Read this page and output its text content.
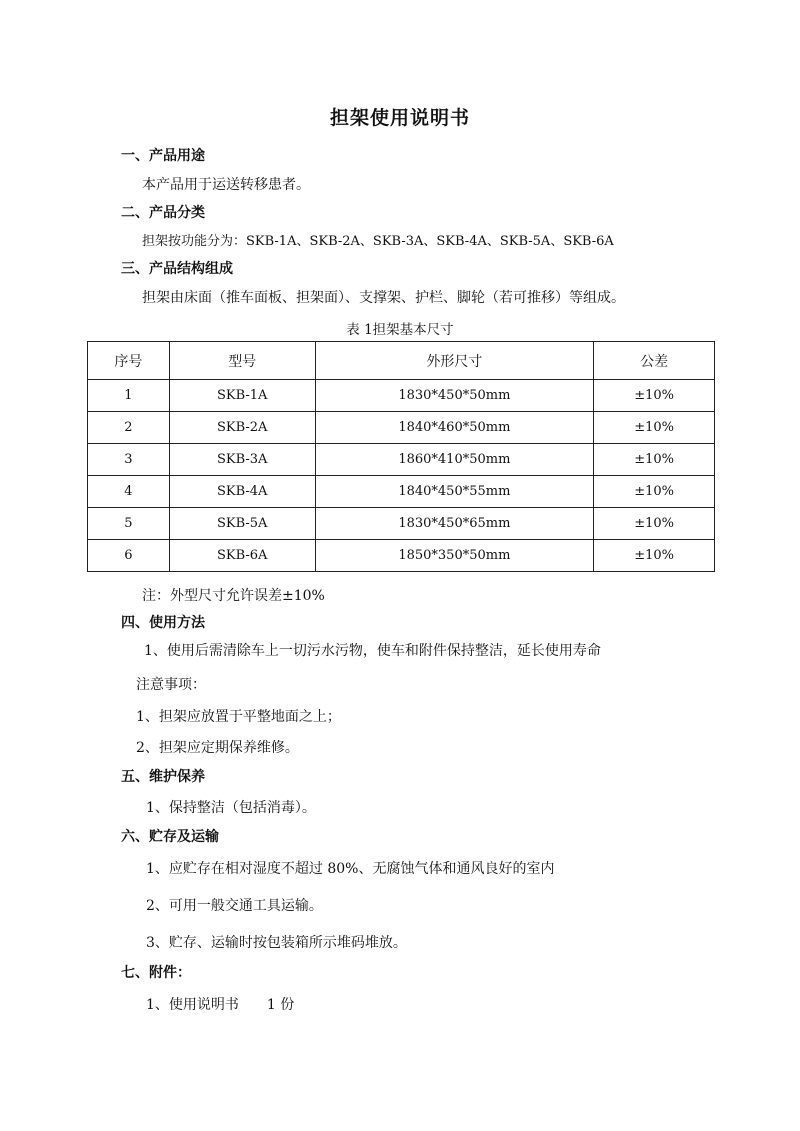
担架使用说明书
一、产品用途
本产品用于运送转移患者。
二、产品分类
担架按功能分为：SKB-1A、SKB-2A、SKB-3A、SKB-4A、SKB-5A、SKB-6A
三、产品结构组成
担架由床面（推车面板、担架面）、支撑架、护栏、脚轮（若可推移）等组成。
表 1担架基本尺寸
序号	型号	外形尺寸	公差
1	SKB-1A	1830*450*50mm	±10%
2	SKB-2A	1840*460*50mm	±10%
3	SKB-3A	1860*410*50mm	±10%
4	SKB-4A	1840*450*55mm	±10%
5	SKB-5A	1830*450*65mm	±10%
6	SKB-6A	1850*350*50mm	±10%
注：外型尺寸允许误差±10%
四、使用方法
1、使用后需清除车上一切污水污物，使车和附件保持整洁，延长使用寿命
注意事项：
1、担架应放置于平整地面之上；
2、担架应定期保养维修。
五、维护保养
1、保持整洁（包括消毒）。
六、贮存及运输
1、应贮存在相对湿度不超过 80%、无腐蚀气体和通风良好的室内
2、可用一般交通工具运输。
3、贮存、运输时按包装箱所示堆码堆放。
七、附件：
1、使用说明书　　1 份
